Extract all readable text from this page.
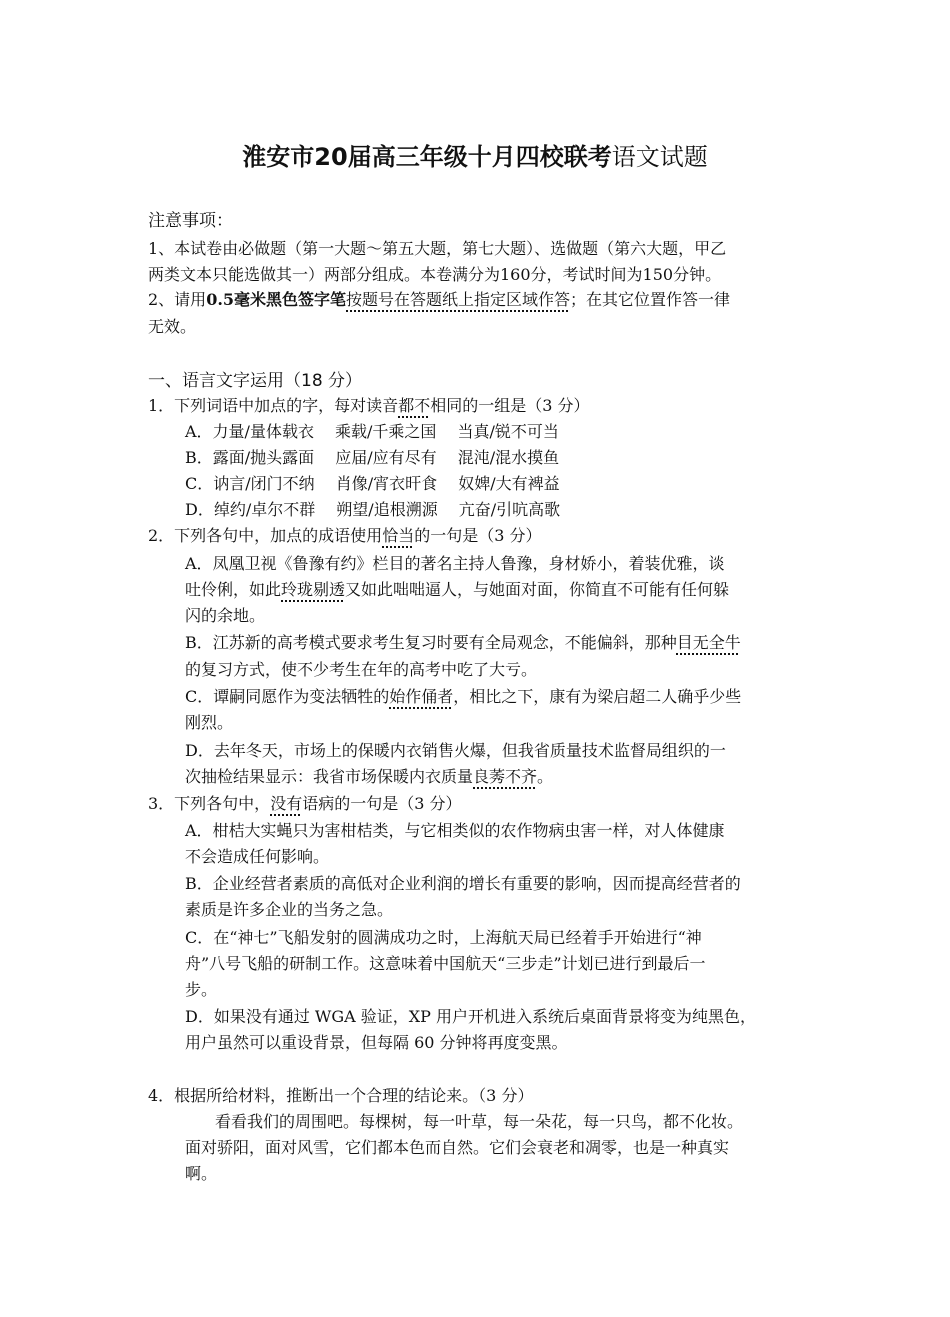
淮安市20届高三年级十月四校联考语文试题
注意事项：
1、本试卷由必做题（第一大题～第五大题，第七大题）、选做题（第六大题，甲乙
两类文本只能选做其一）两部分组成。本卷满分为160分，考试时间为150分钟。
2、请用0.5毫米黑色签字笔按题号在答题纸上指定区域作答；在其它位置作答一律
无效。
一、语言文字运用（18 分）
1．下列词语中加点的字，每对读音都不相同的一组是（3 分）
A．力量/量体载衣　 乘载/千乘之国　 当真/锐不可当
B．露面/抛头露面　 应届/应有尽有　 混沌/混水摸鱼
C．讷言/闭门不纳　 肖像/宵衣旰食　 奴婢/大有裨益
D．绰约/卓尔不群　 朔望/追根溯源　 亢奋/引吭高歌
2．下列各句中，加点的成语使用恰当的一句是（3 分）
A．凤凰卫视《鲁豫有约》栏目的著名主持人鲁豫，身材娇小，着装优雅，谈
吐伶俐，如此玲珑剔透又如此咄咄逼人，与她面对面，你简直不可能有任何躲
闪的余地。
B．江苏新的高考模式要求考生复习时要有全局观念，不能偏斜，那种目无全牛
的复习方式，使不少考生在年的高考中吃了大亏。
C．谭嗣同愿作为变法牺牲的始作俑者，相比之下，康有为梁启超二人确乎少些
刚烈。
D．去年冬天，市场上的保暖内衣销售火爆，但我省质量技术监督局组织的一
次抽检结果显示：我省市场保暖内衣质量良莠不齐。
3．下列各句中，没有语病的一句是（3 分）
A．柑桔大实蝇只为害柑桔类，与它相类似的农作物病虫害一样，对人体健康
不会造成任何影响。
B．企业经营者素质的高低对企业利润的增长有重要的影响，因而提高经营者的
素质是许多企业的当务之急。
C．在“神七”飞船发射的圆满成功之时，上海航天局已经着手开始进行“神
舟”八号飞船的研制工作。这意味着中国航天“三步走”计划已进行到最后一
步。
D．如果没有通过 WGA 验证，XP 用户开机进入系统后桌面背景将变为纯黑色，
用户虽然可以重设背景，但每隔 60 分钟将再度变黑。
4．根据所给材料，推断出一个合理的结论来。（3 分）
看看我们的周围吧。每棵树，每一叶草，每一朵花，每一只鸟，都不化妆。
面对骄阳，面对风雪，它们都本色而自然。它们会衰老和凋零，也是一种真实
啊。
